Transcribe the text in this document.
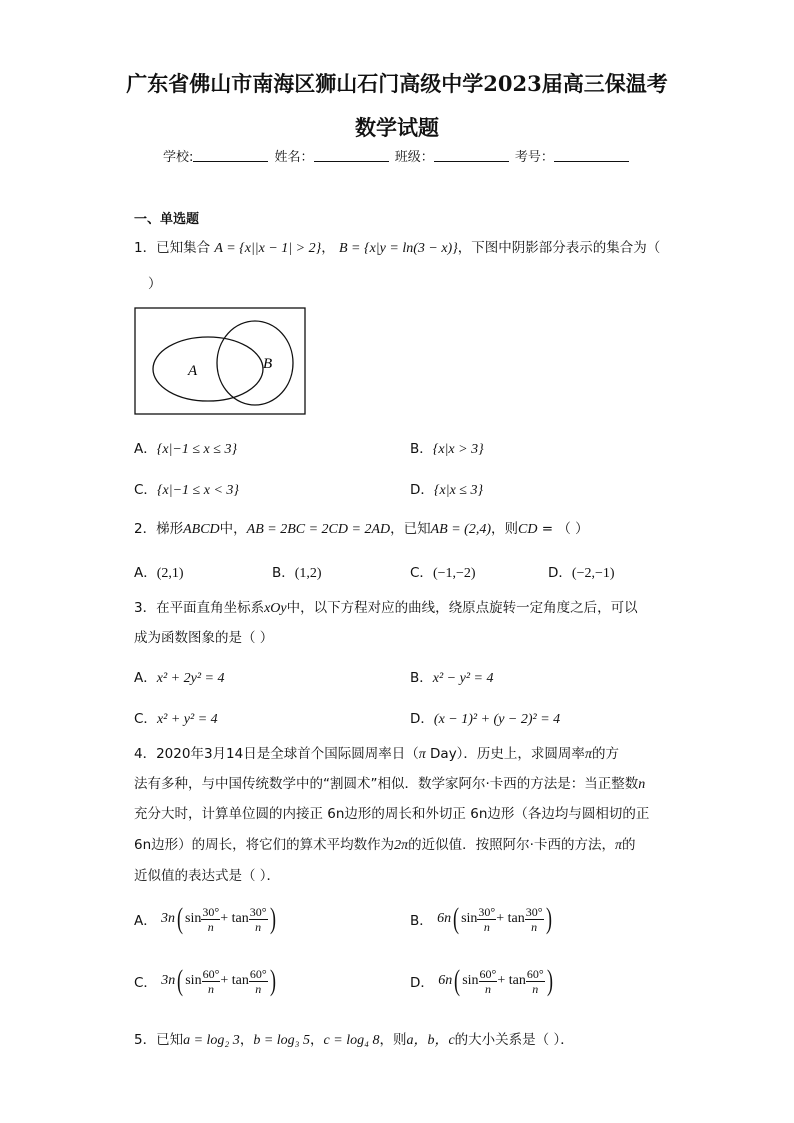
广东省佛山市南海区狮山石门高级中学2023届高三保温考
数学试题
学校:	姓名：	班级：	考号：
一、单选题
1．已知集合 A = {x||x − 1| > 2}， B = {x|y = ln(3 − x)}，下图中阴影部分表示的集合为（
）
A	B
A．{x|−1 ≤ x ≤ 3}	B．{x|x > 3}
C．{x|−1 ≤ x < 3}	D．{x|x ≤ 3}
2．梯形ABCD中，AB = 2BC = 2CD = 2AD，已知AB = (2,4)，则CD = （ ）
A．(2,1)	B．(1,2)	C．(−1,−2)	D．(−2,−1)
3．在平面直角坐标系xOy中，以下方程对应的曲线，绕原点旋转一定角度之后，可以
成为函数图象的是（ ）
A．x² + 2y² = 4	B．x² − y² = 4
C．x² + y² = 4	D．(x − 1)² + (y − 2)² = 4
4．2020年3月14日是全球首个国际圆周率日（π Day）．历史上，求圆周率π的方
法有多种，与中国传统数学中的“割圆术”相似．数学家阿尔·卡西的方法是：当正整数n
充分大时，计算单位圆的内接正 6n边形的周长和外切正 6n边形（各边均与圆相切的正
6n边形）的周长，将它们的算术平均数作为2π的近似值．按照阿尔·卡西的方法，π的
近似值的表达式是（ ）．
A． 3n( $\sin \frac{30^\circ}{n} + \tan \frac{30^\circ}{n}$ )	B． 6n( $\sin \frac{30^\circ}{n} + \tan \frac{30^\circ}{n}$ )
C． 3n( $\sin \frac{60^\circ}{n} + \tan \frac{60^\circ}{n}$ )	D． 6n( $\sin \frac{60^\circ}{n} + \tan \frac{60^\circ}{n}$ )
5．已知a = log₂ 3，b = log₃ 5，c = log₄ 8，则a，b，c的大小关系是（ ）．
